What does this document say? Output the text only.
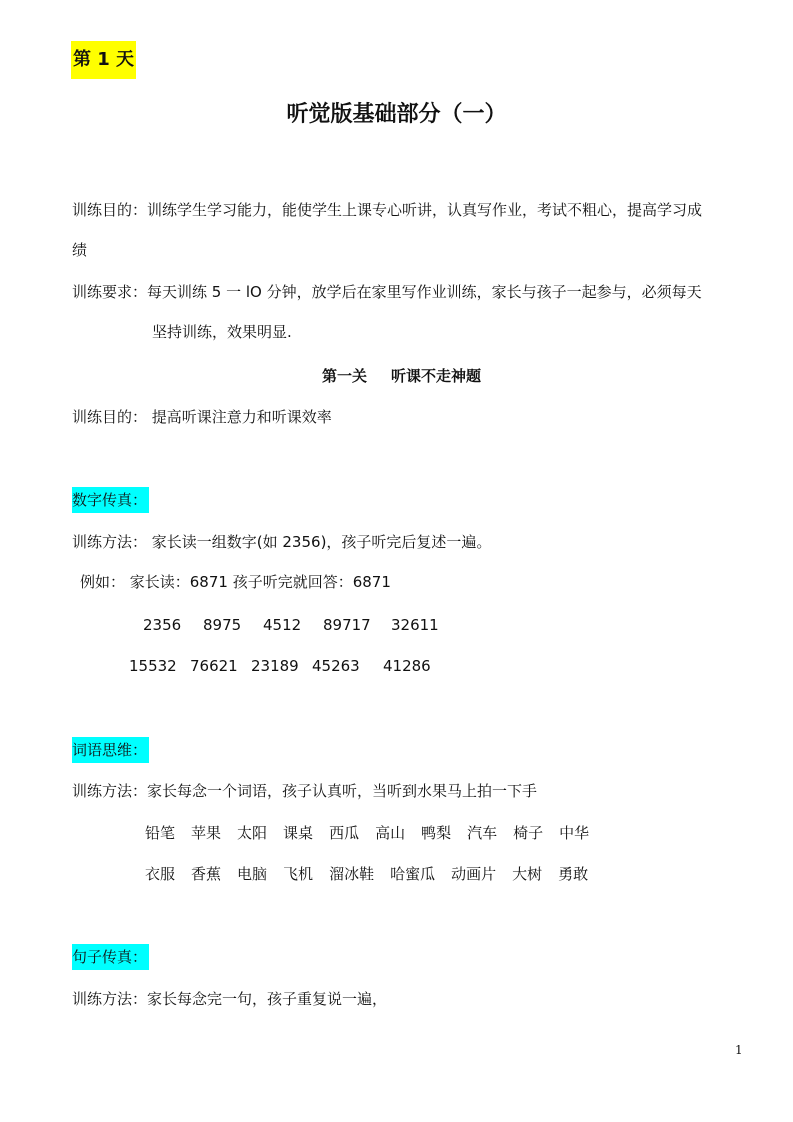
第 1 天
听觉版基础部分（一）
训练目的：训练学生学习能力，能使学生上课专心听讲，认真写作业，考试不粗心，提高学习成
绩
训练要求：每天训练 5 一 lO 分钟，放学后在家里写作业训练，家长与孩子一起参与，必须每天
坚持训练，效果明显.
第一关 听课不走神题
训练目的： 提高听课注意力和听课效率
数字传真：
训练方法： 家长读一组数字(如 2356)，孩子听完后复述一遍。
例如： 家长读：6871 孩子听完就回答：6871
2356	8975	4512	89717	32611
15532 76621 23189 45263	41286
词语思维：
训练方法：家长每念一个词语，孩子认真听，当听到水果马上拍一下手
铅笔 苹果 太阳 课桌 西瓜 高山 鸭梨 汽车 椅子 中华
衣服 香蕉 电脑 飞机 溜冰鞋 哈蜜瓜 动画片 大树 勇敢
句子传真：
训练方法：家长每念完一句，孩子重复说一遍，
1
